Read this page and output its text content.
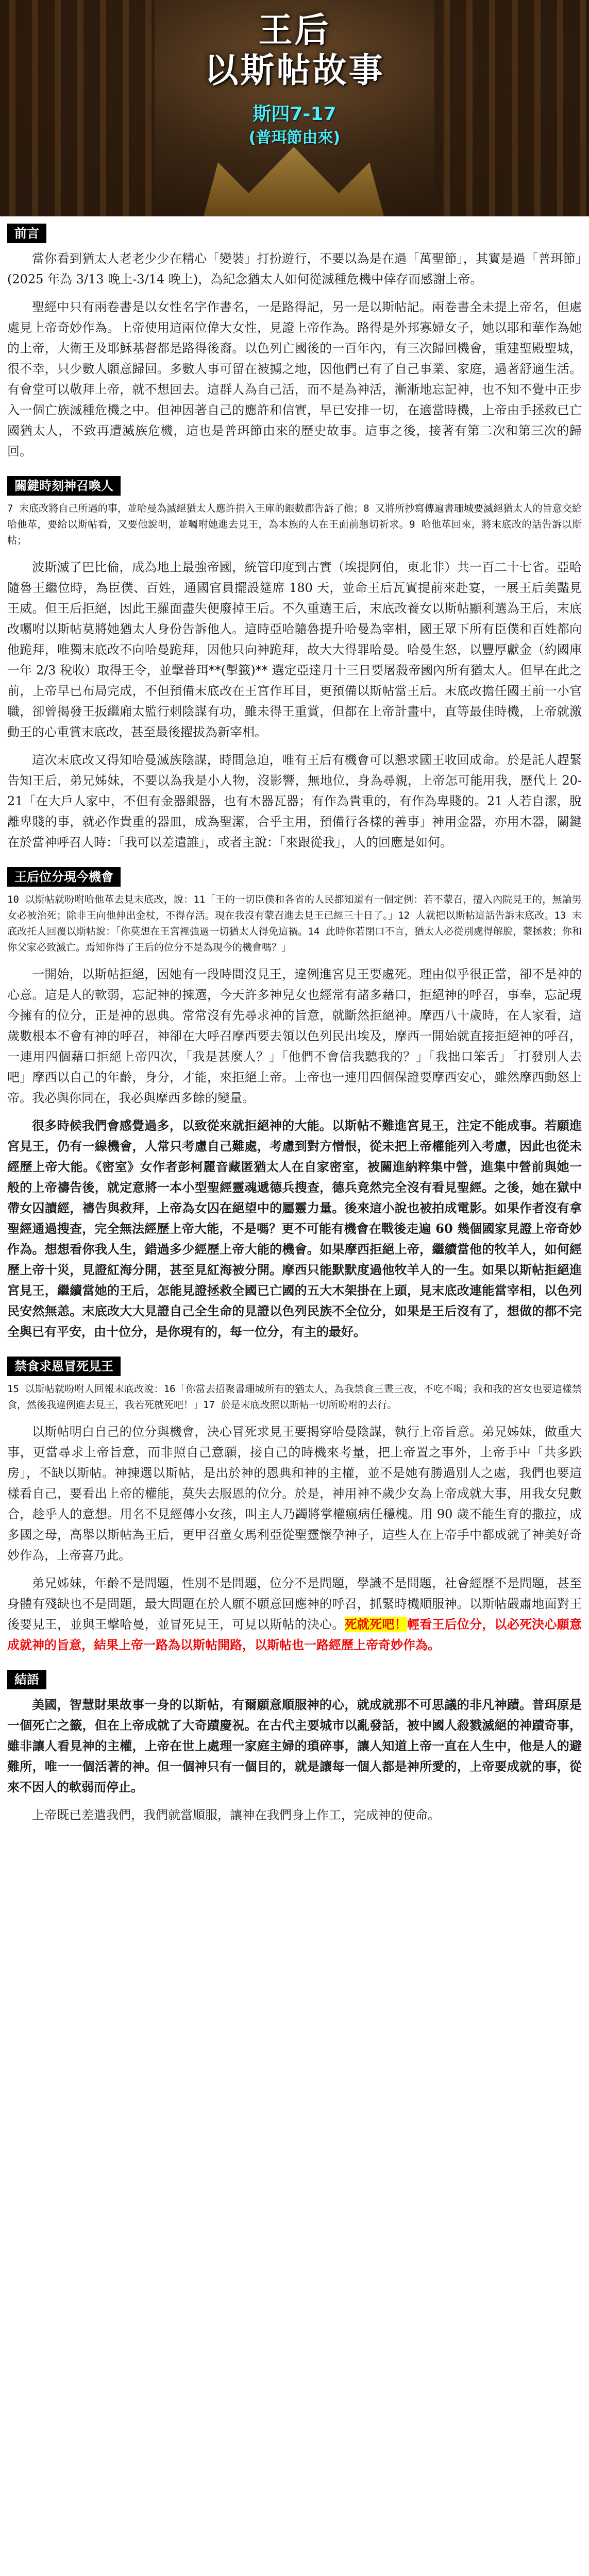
王后
以斯帖故事
斯四7-17
(普珥節由來)
前言

當你看到猶太人老老少少在精心「變裝」打扮遊行，不要以為是在過「萬聖節」，其實是過「普珥節」(2025 年為 3/13 晚上-3/14 晚上)，為紀念猶太人如何從滅種危機中倖存而感謝上帝。

聖經中只有兩卷書是以女性名字作書名，一是路得記，另一是以斯帖記。兩卷書全未提上帝名，但處處見上帝奇妙作為。上帝使用這兩位偉大女性，見證上帝作為。路得是外邦寡婦女子，她以耶和華作為她的上帝，大衛王及耶穌基督都是路得後裔。以色列亡國後的一百年內，有三次歸回機會，重建聖殿聖城，很不幸，只少數人願意歸回。多數人事可留在被擄之地，因他們已有了自己事業、家庭，過著舒適生活。有會堂可以敬拜上帝，就不想回去。這群人為自己活，而不是為神活，漸漸地忘記神，也不知不覺中正步入一個亡族滅種危機之中。但神因著自己的應許和信實，早已安排一切，在適當時機，上帝由手拯救已亡國猶太人，不致再遭滅族危機，這也是普珥節由來的歷史故事。這事之後，接著有第二次和第三次的歸回。

關鍵時刻神召喚人
7 末底改將自己所遇的事，並哈曼為滅絕猶太人應許捐入王庫的銀數都告訴了他；8 又將所抄寫傳遍書珊城要滅絕猶太人的旨意交給哈他革，要給以斯帖看，又要他說明，並囑咐她進去見王，為本族的人在王面前懇切祈求。9 哈他革回來，將末底改的話告訴以斯帖；

波斯滅了巴比倫，成為地上最強帝國，統管印度到古實（埃提阿伯，東北非）共一百二十七省。亞哈隨魯王繼位時，為臣僕、百姓，通國官員擺設筵席 180 天，並命王后瓦實提前來赴宴，一展王后美豔見王威。但王后拒絕，因此王羅面盡失便廢掉王后。不久重選王后，末底改養女以斯帖顯利選為王后，末底改囑咐以斯帖莫將她猶太人身份告訴他人。這時亞哈隨魯提升哈曼為宰相，國王眾下所有臣僕和百姓都向他跪拜，唯獨末底改不向哈曼跪拜，因他只向神跪拜，故大大得罪哈曼。哈曼生怒，以豐厚獻金（約國庫一年 2/3 稅收）取得王令，並擊普珥**(掣籤)** 選定亞達月十三日要屠殺帝國內所有猶太人。但早在此之前，上帝早已布局完成，不但預備末底改在王宮作耳目，更預備以斯帖當王后。末底改擔任國王前一小官職，卻曾揭發王扳繼廂太監行刺陰謀有功，雖未得王重賞，但都在上帝計畫中，直等最佳時機，上帝就激動王的心重賞末底改，甚至最後擢拔為新宰相。

這次末底改又得知哈曼滅族陰謀，時間急迫，唯有王后有機會可以懇求國王收回成命。於是託人趕緊告知王后，弟兄姊妹，不要以為我是小人物，沒影響，無地位，身為尋親，上帝怎可能用我，歷代上 20-21「在大戶人家中，不但有金器銀器，也有木器瓦器；有作為貴重的，有作為卑賤的。21 人若自潔，脫離卑賤的事，就必作貴重的器皿，成為聖潔，合乎主用，預備行各樣的善事」神用金器，亦用木器，關鍵在於當神呼召人時：「我可以差遣誰」，或者主說：「來跟從我」，人的回應是如何。

王后位分現今機會
10 以斯帖就吩咐哈他革去見末底改，說：11「王的一切臣僕和各省的人民都知道有一個定例：若不蒙召，擅入內院見王的，無論男女必被治死；除非王向他伸出金杖，不得存活。現在我沒有蒙召進去見王已經三十日了。」12 人就把以斯帖這話告訴末底改。13 末底改托人回覆以斯帖說：「你莫想在王宮裡強過一切猶太人得免這禍。14 此時你若閉口不言，猶太人必從別處得解脫，蒙拯救；你和你父家必致滅亡。焉知你得了王后的位分不是為現今的機會嗎？」

一開始，以斯帖拒絕，因她有一段時間沒見王，違例進宮見王要處死。理由似乎很正當，卻不是神的心意。這是人的軟弱，忘記神的揀選，今天許多神兒女也經常有諸多藉口，拒絕神的呼召，事奉，忘記現今擁有的位分，正是神的恩典。常常沒有先尋求神的旨意，就斷然拒絕神。摩西八十歲時，在人家看，這歲數根本不會有神的呼召，神卻在大呼召摩西要去領以色列民出埃及，摩西一開始就直接拒絕神的呼召，一連用四個藉口拒絕上帝四次，「我是甚麼人？」「他們不會信我聽我的？」「我拙口笨舌」「打發別人去吧」摩西以自己的年齡，身分，才能，來拒絕上帝。上帝也一連用四個保證要摩西安心，雖然摩西動怒上帝。我必與你同在，我必與摩西多餘的變量。

很多時候我們會感覺過多，以致從來就拒絕神的大能。以斯帖不難進宮見王，注定不能成事。若願進宮見王，仍有一線機會，人常只考慮自己難處，考慮到對方憎恨，從未把上帝權能列入考慮，因此也從未經歷上帝大能。《密室》女作者彭柯麗音藏匿猶太人在自家密室，被關進納粹集中營，進集中營前與她一般的上帝禱告後，就定意將一本小型聖經靈魂遞德兵搜查，德兵竟然完全沒有看見聖經。之後，她在獄中帶女囚讀經，禱告與救拜，上帝為女囚在絕望中的屬靈力量。後來這小說也被拍成電影。如果作者沒有拿聖經通過搜查，完全無法經歷上帝大能，不是嗎？更不可能有機會在戰後走遍 60 幾個國家見證上帝奇妙作為。想想看你我人生，錯過多少經歷上帝大能的機會。如果摩西拒絕上帝，繼續當他的牧羊人，如何經歷上帝十災，見證紅海分開，甚至見紅海被分開。摩西只能默默度過他牧羊人的一生。如果以斯帖拒絕進宮見王，繼續當她的王后，怎能見證拯救全國已亡國的五大木架掛在上頭，見末底改連能當宰相，以色列民安然無恙。末底改大大見證自己全生命的見證以色列民族不全位分，如果是王后沒有了，想做的都不完全與已有平安，由十位分，是你現有的，每一位分，有主的最好。

禁食求恩冒死見王
15 以斯帖就吩咐人回報末底改說：16「你當去招聚書珊城所有的猶太人，為我禁食三晝三夜，不吃不喝；我和我的宮女也要這樣禁食，然後我違例進去見王，我若死就死吧！」17 於是末底改照以斯帖一切所吩咐的去行。

以斯帖明白自己的位分與機會，決心冒死求見王要揭穿哈曼陰謀，執行上帝旨意。弟兄姊妹，做重大事，更當尋求上帝旨意，而非照自己意願，接自己的時機來考量，把上帝置之事外，上帝手中「共多跌房」，不缺以斯帖。神揀選以斯帖，是出於神的恩典和神的主權，並不是她有勝過別人之處，我們也要這樣看自己，要看出上帝的權能，莫失去服恩的位分。於是，神用神不歲少女為上帝成就大事，用我女兒數合，趁乎人的意想。用名不見經傳小女孩，叫主人乃蠲將掌權瘋病任穩槐。用 90 歲不能生育的撒拉，成多國之母，高舉以斯帖為王后，更甲召童女馬利亞從聖靈懷孕神子，這些人在上帝手中都成就了神美好奇妙作為，上帝喜乃此。

弟兄姊妹，年齡不是問題，性別不是問題，位分不是問題，學識不是問題，社會經歷不是問題，甚至身體有殘缺也不是問題，最大問題在於人願不願意回應神的呼召，抓緊時機順服神。以斯帖嚴肅地面對王後要見王，並與王擊哈曼，並冒死見王，可見以斯帖的決心。死就死吧！輕看王后位分，以必死決心願意成就神的旨意，結果上帝一路為以斯帖開路，以斯帖也一路經歷上帝奇妙作為。

結語

美國，智慧財果故事一身的以斯帖，有爾願意順服神的心，就成就那不可思議的非凡神蹟。普珥原是一個死亡之籤，但在上帝成就了大奇蹟慶祝。在古代主要城市以亂發話，被中國人殺戮滅絕的神蹟奇事，雖非讓人看見神的主權，上帝在世上處理一家庭主婦的瑣碎事，讓人知道上帝一直在人生中，他是人的避難所，唯一一個活著的神。但一個神只有一個目的，就是讓每一個人都是神所愛的，上帝要成就的事，從來不因人的軟弱而停止。

上帝既已差遣我們，我們就當順服，讓神在我們身上作工，完成神的使命。
